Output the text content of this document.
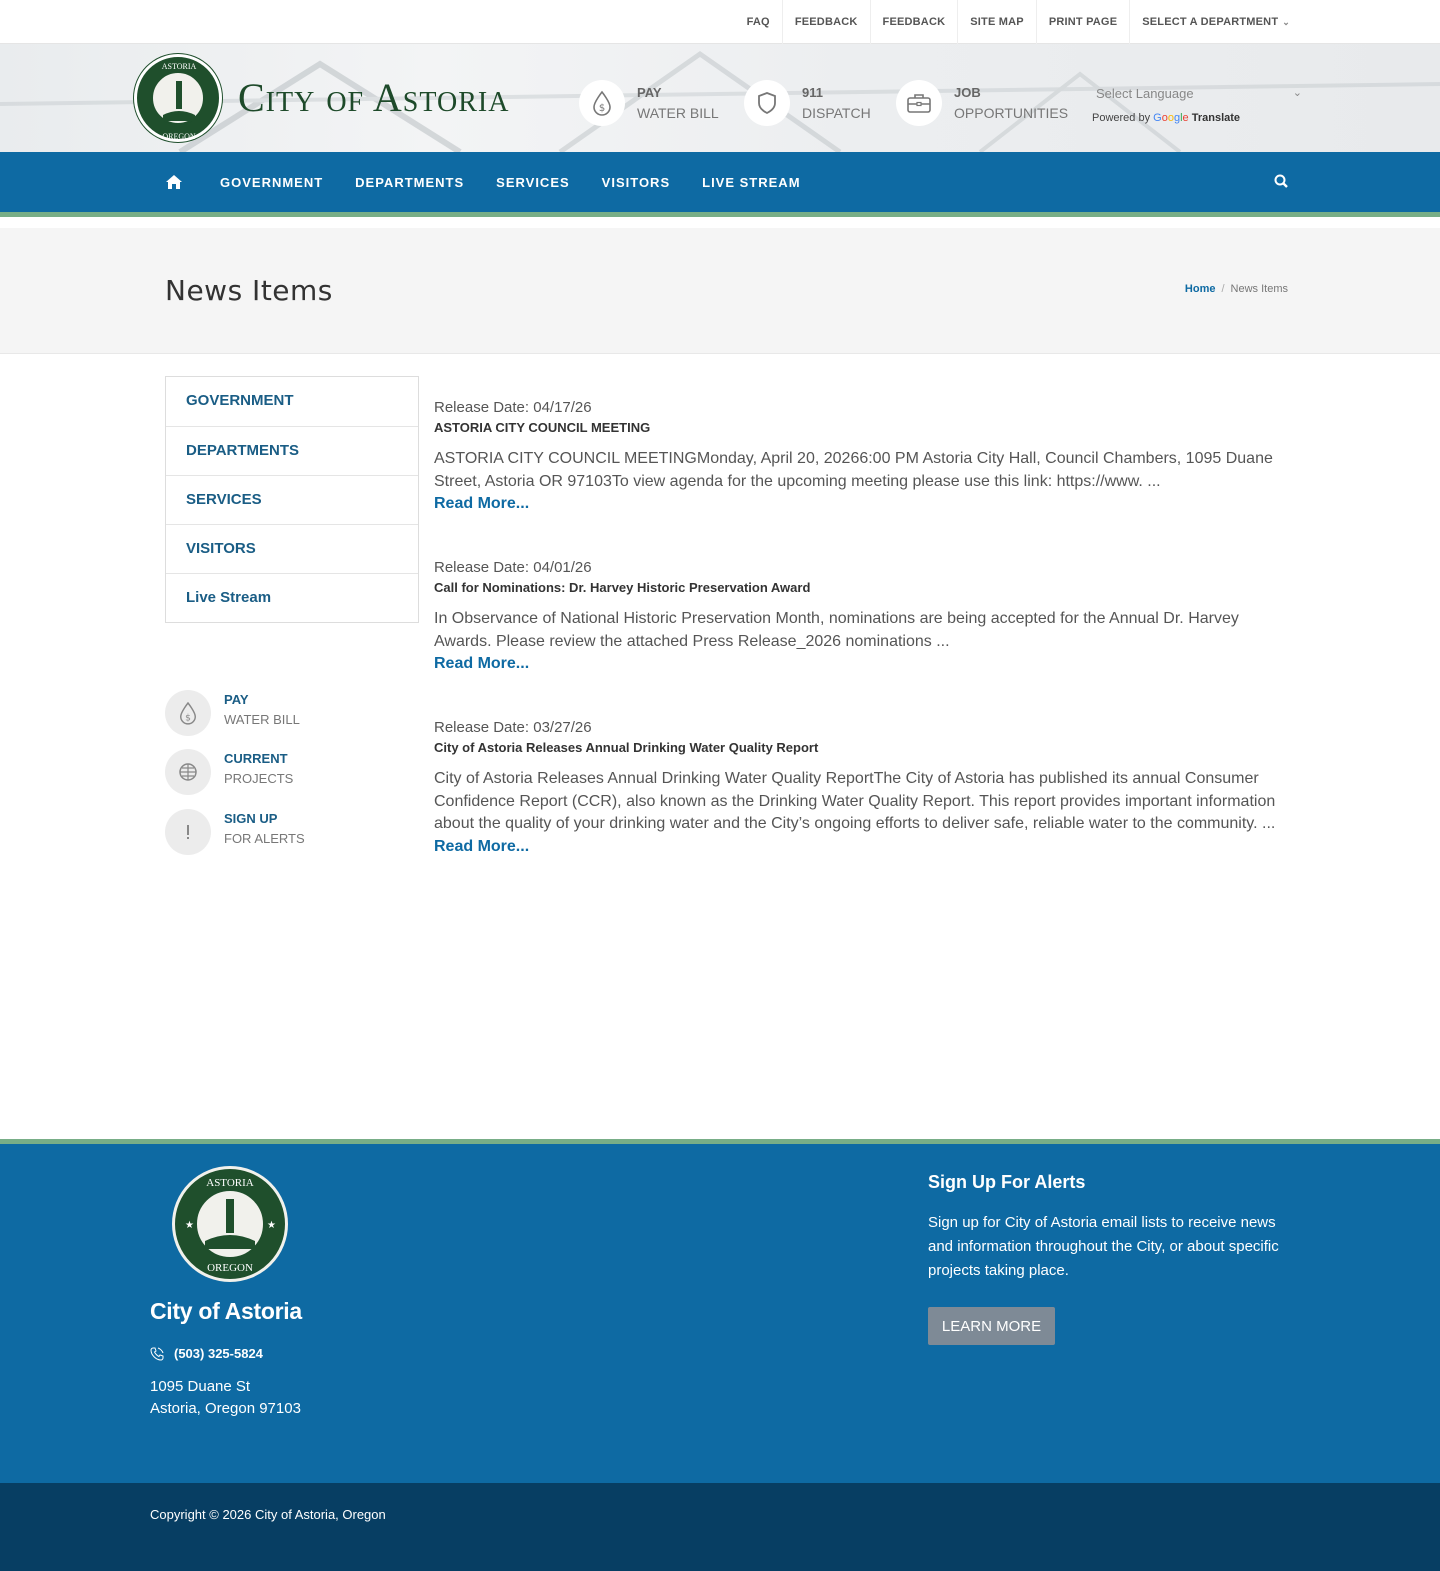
FAQ	FEEDBACK	FEEDBACK	SITE MAP	PRINT PAGE	SELECT A DEPARTMENT ⌄
ASTORIA
OREGON
City of Astoria	$
PAY
WATER BILL
911
DISPATCH
JOB
OPPORTUNITIES
Select Language	⌄
Powered by Google Translate
GOVERNMENT DEPARTMENTS SERVICES VISITORS LIVE STREAM
News Items	Home / News Items
GOVERNMENT
DEPARTMENTS
SERVICES
VISITORS
Live Stream
$
PAY
WATER BILL
CURRENT
PROJECTS
SIGN UP
FOR ALERTS
Release Date: 04/17/26
ASTORIA CITY COUNCIL MEETING
ASTORIA CITY COUNCIL MEETINGMonday, April 20, 20266:00 PM Astoria City Hall, Council Chambers, 1095 Duane Street, Astoria OR 97103To view agenda for the upcoming meeting please use this link: https://www. ...
Read More...
Release Date: 04/01/26
Call for Nominations: Dr. Harvey Historic Preservation Award
In Observance of National Historic Preservation Month, nominations are being accepted for the Annual Dr. Harvey Awards. Please review the attached Press Release_2026 nominations ...
Read More...
Release Date: 03/27/26
City of Astoria Releases Annual Drinking Water Quality Report
City of Astoria Releases Annual Drinking Water Quality ReportThe City of Astoria has published its annual Consumer Confidence Report (CCR), also known as the Drinking Water Quality Report. This report provides important information about the quality of your drinking water and the City’s ongoing efforts to deliver safe, reliable water to the community. ...
Read More...
ASTORIA
OREGON
★	★
City of Astoria
(503) 325-5824
1095 Duane St
Astoria, Oregon 97103
Sign Up For Alerts
Sign up for City of Astoria email lists to receive news and information throughout the City, or about specific projects taking place.
LEARN MORE
Copyright © 2026 City of Astoria, Oregon
